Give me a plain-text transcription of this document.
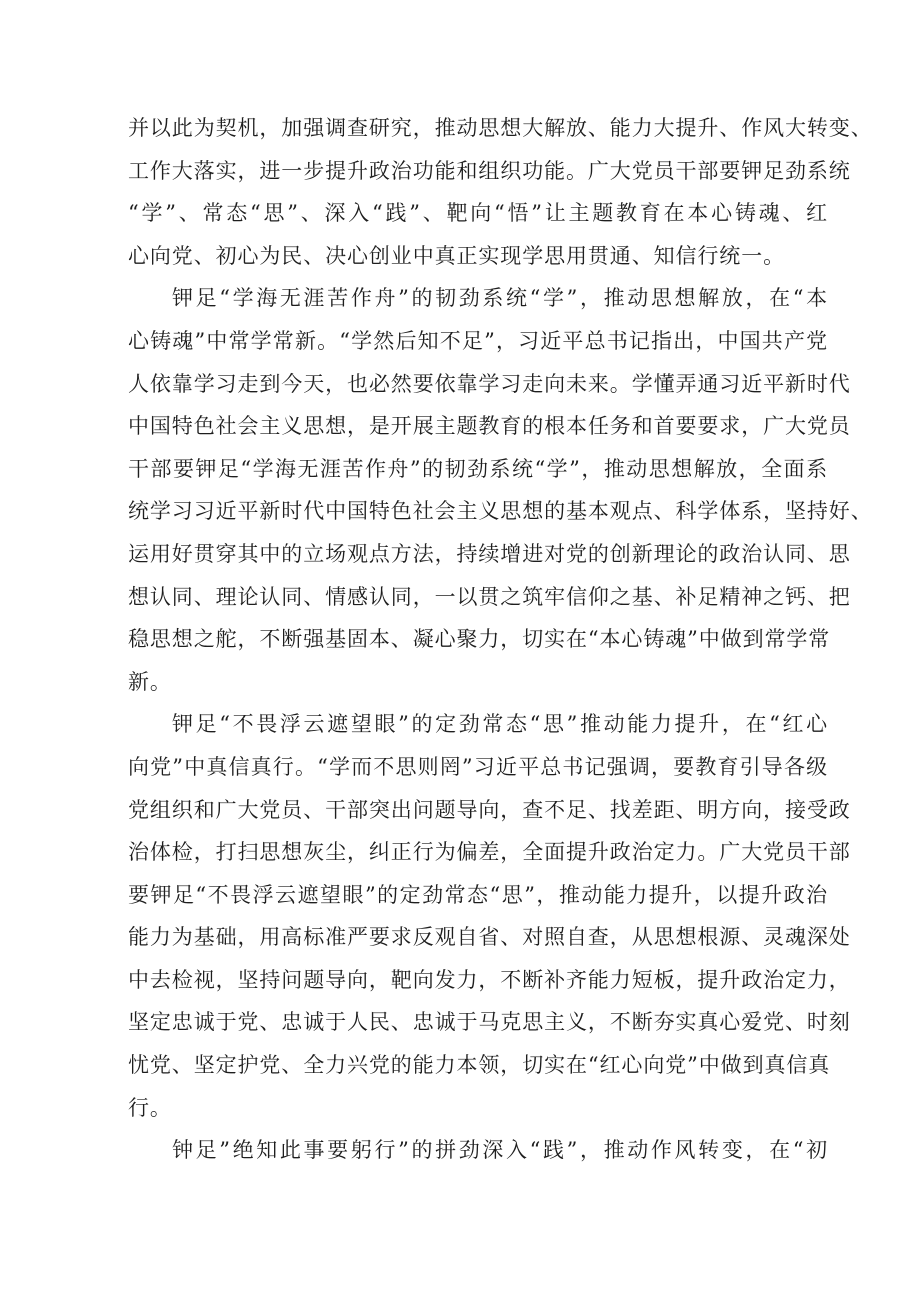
并以此为契机，加强调查研究，推动思想大解放、能力大提升、作风大转变、
工作大落实，进一步提升政治功能和组织功能。广大党员干部要钾足劲系统
“学”、常态“思”、深入“践”、靶向“悟”让主题教育在本心铸魂、红
心向党、初心为民、决心创业中真正实现学思用贯通、知信行统一。

钾足“学海无涯苦作舟”的韧劲系统“学”，推动思想解放，在“本
心铸魂”中常学常新。“学然后知不足”，习近平总书记指出，中国共产党
人依靠学习走到今天，也必然要依靠学习走向未来。学懂弄通习近平新时代
中国特色社会主义思想，是开展主题教育的根本任务和首要要求，广大党员
干部要钾足“学海无涯苦作舟”的韧劲系统“学”，推动思想解放，全面系
统学习习近平新时代中国特色社会主义思想的基本观点、科学体系，坚持好、
运用好贯穿其中的立场观点方法，持续增进对党的创新理论的政治认同、思
想认同、理论认同、情感认同，一以贯之筑牢信仰之基、补足精神之钙、把
稳思想之舵，不断强基固本、凝心聚力，切实在“本心铸魂”中做到常学常
新。

钾足“不畏浮云遮望眼”的定劲常态“思”推动能力提升，在“红心
向党”中真信真行。“学而不思则罔”习近平总书记强调，要教育引导各级
党组织和广大党员、干部突出问题导向，查不足、找差距、明方向，接受政
治体检，打扫思想灰尘，纠正行为偏差，全面提升政治定力。广大党员干部
要钾足“不畏浮云遮望眼”的定劲常态“思”，推动能力提升，以提升政治
能力为基础，用高标准严要求反观自省、对照自查，从思想根源、灵魂深处
中去检视，坚持问题导向，靶向发力，不断补齐能力短板，提升政治定力，
坚定忠诚于党、忠诚于人民、忠诚于马克思主义，不断夯实真心爱党、时刻
忧党、坚定护党、全力兴党的能力本领，切实在“红心向党”中做到真信真
行。

钟足”绝知此事要躬行”的拼劲深入“践”，推动作风转变，在“初
